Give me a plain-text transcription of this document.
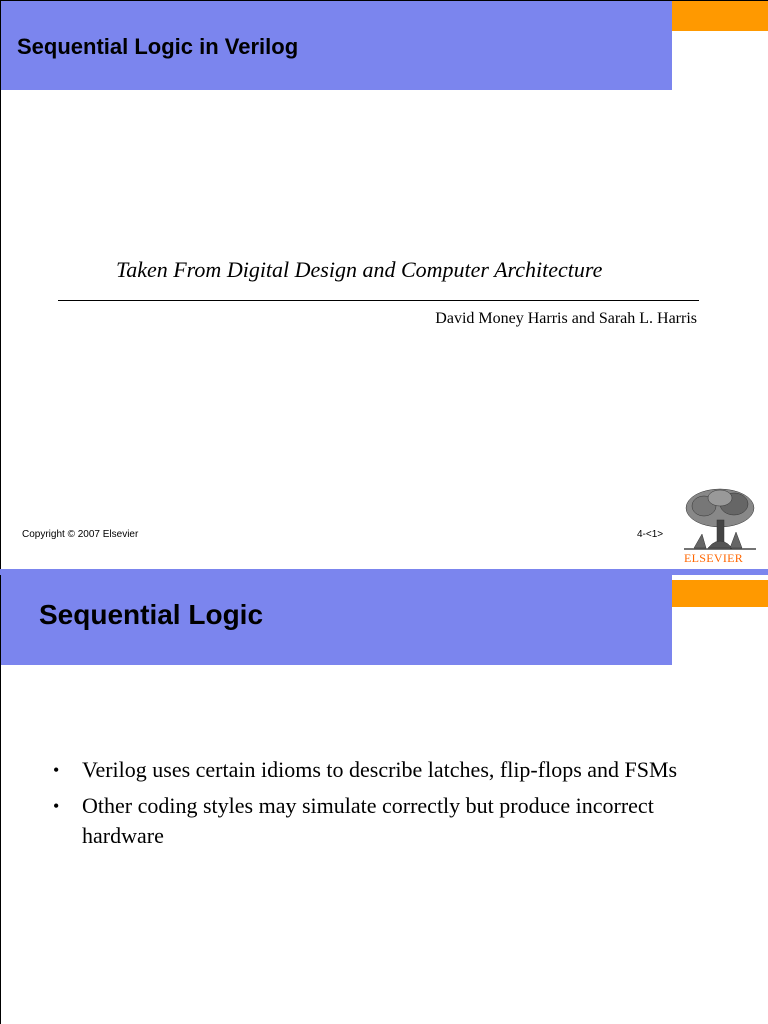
Sequential Logic in Verilog
Taken From Digital Design and Computer Architecture
David Money Harris and Sarah L. Harris
Copyright © 2007 Elsevier	4-<1>
ELSEVIER
Sequential Logic
• Verilog uses certain idioms to describe latches, flip-flops and FSMs
• Other coding styles may simulate correctly but produce incorrect hardware
